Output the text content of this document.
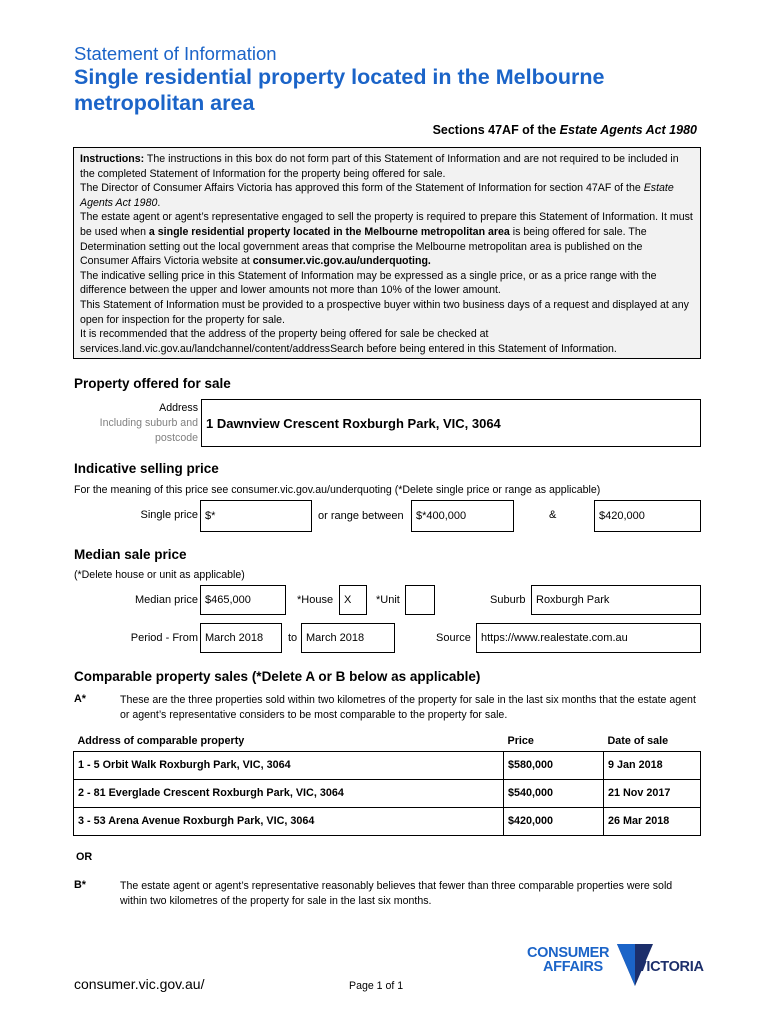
Statement of Information
Single residential property located in the Melbourne metropolitan area
Sections 47AF of the Estate Agents Act 1980

Instructions: The instructions in this box do not form part of this Statement of Information and are not required to be included in the completed Statement of Information for the property being offered for sale.

The Director of Consumer Affairs Victoria has approved this form of the Statement of Information for section 47AF of the Estate Agents Act 1980.

The estate agent or agent’s representative engaged to sell the property is required to prepare this Statement of Information. It must be used when a single residential property located in the Melbourne metropolitan area is being offered for sale. The Determination setting out the local government areas that comprise the Melbourne metropolitan area is published on the Consumer Affairs Victoria website at consumer.vic.gov.au/underquoting.

The indicative selling price in this Statement of Information may be expressed as a single price, or as a price range with the difference between the upper and lower amounts not more than 10% of the lower amount.

This Statement of Information must be provided to a prospective buyer within two business days of a request and displayed at any open for inspection for the property for sale.

It is recommended that the address of the property being offered for sale be checked at services.land.vic.gov.au/landchannel/content/addressSearch before being entered in this Statement of Information.

Property offered for sale
Address
Including suburb and
postcode
1 Dawnview Crescent Roxburgh Park, VIC, 3064
Indicative selling price
For the meaning of this price see consumer.vic.gov.au/underquoting (*Delete single price or range as applicable)
Single price $*	or range between	$*400,000	&	$420,000
Median sale price
(*Delete house or unit as applicable)
Median price $465,000	*House X	*Unit	Suburb Roxburgh Park
Period - From March 2018	to March 2018	Source https://www.realestate.com.au
Comparable property sales (*Delete A or B below as applicable)
A*	These are the three properties sold within two kilometres of the property for sale in the last six months that the estate agent or agent’s representative considers to be most comparable to the property for sale.
Address of comparable property	Price	Date of sale
1 - 5 Orbit Walk Roxburgh Park, VIC, 3064	$580,000	9 Jan 2018
2 - 81 Everglade Crescent Roxburgh Park, VIC, 3064	$540,000	21 Nov 2017
3 - 53 Arena Avenue Roxburgh Park, VIC, 3064	$420,000	26 Mar 2018
OR
B*	The estate agent or agent’s representative reasonably believes that fewer than three comparable properties were sold within two kilometres of the property for sale in the last six months.
consumer.vic.gov.au/	Page 1 of 1
CONSUMER
AFFAIRS VICTORIA
